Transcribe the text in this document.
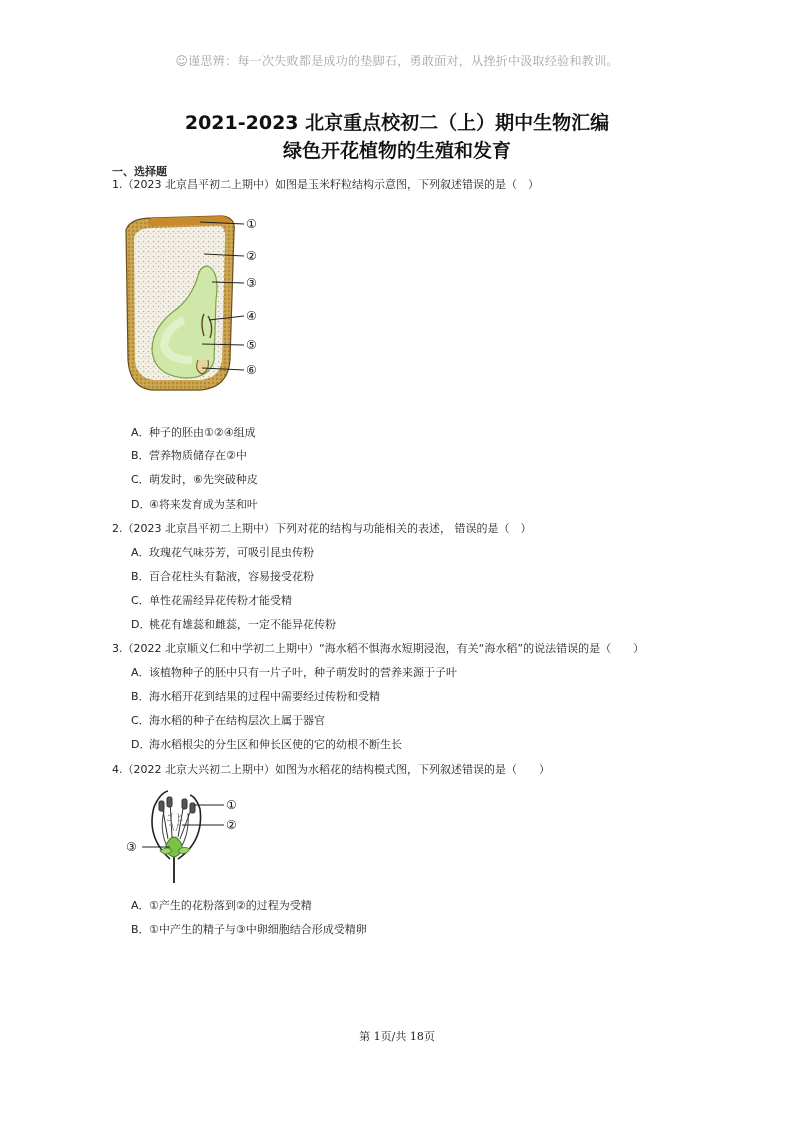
☺谨思辨：每一次失败都是成功的垫脚石，勇敢面对，从挫折中汲取经验和教训。
2021-2023 北京重点校初二（上）期中生物汇编
绿色开花植物的生殖和发育
一、选择题
1.（2023 北京昌平初二上期中）如图是玉米籽粒结构示意图，下列叙述错误的是（　）
①
②
③
④
⑤
⑥
A．种子的胚由①②④组成
B．营养物质储存在②中
C．萌发时，⑥先突破种皮
D．④将来发育成为茎和叶
2.（2023 北京昌平初二上期中）下列对花的结构与功能相关的表述， 错误的是（　）
A．玫瑰花气味芬芳，可吸引昆虫传粉
B．百合花柱头有黏液，容易接受花粉
C．单性花需经异花传粉才能受精
D．桃花有雄蕊和雌蕊，一定不能异花传粉
3.（2022 北京顺义仁和中学初二上期中）“海水稻不惧海水短期浸泡，有关“海水稻”的说法错误的是（　　）
A．该植物种子的胚中只有一片子叶，种子萌发时的营养来源于子叶
B．海水稻开花到结果的过程中需要经过传粉和受精
C．海水稻的种子在结构层次上属于器官
D．海水稻根尖的分生区和伸长区使的它的幼根不断生长
4.（2022 北京大兴初二上期中）如图为水稻花的结构模式图，下列叙述错误的是（　　）
①
②
③
A．①产生的花粉落到②的过程为受精
B．①中产生的精子与③中卵细胞结合形成受精卵
第 1页/共 18页
